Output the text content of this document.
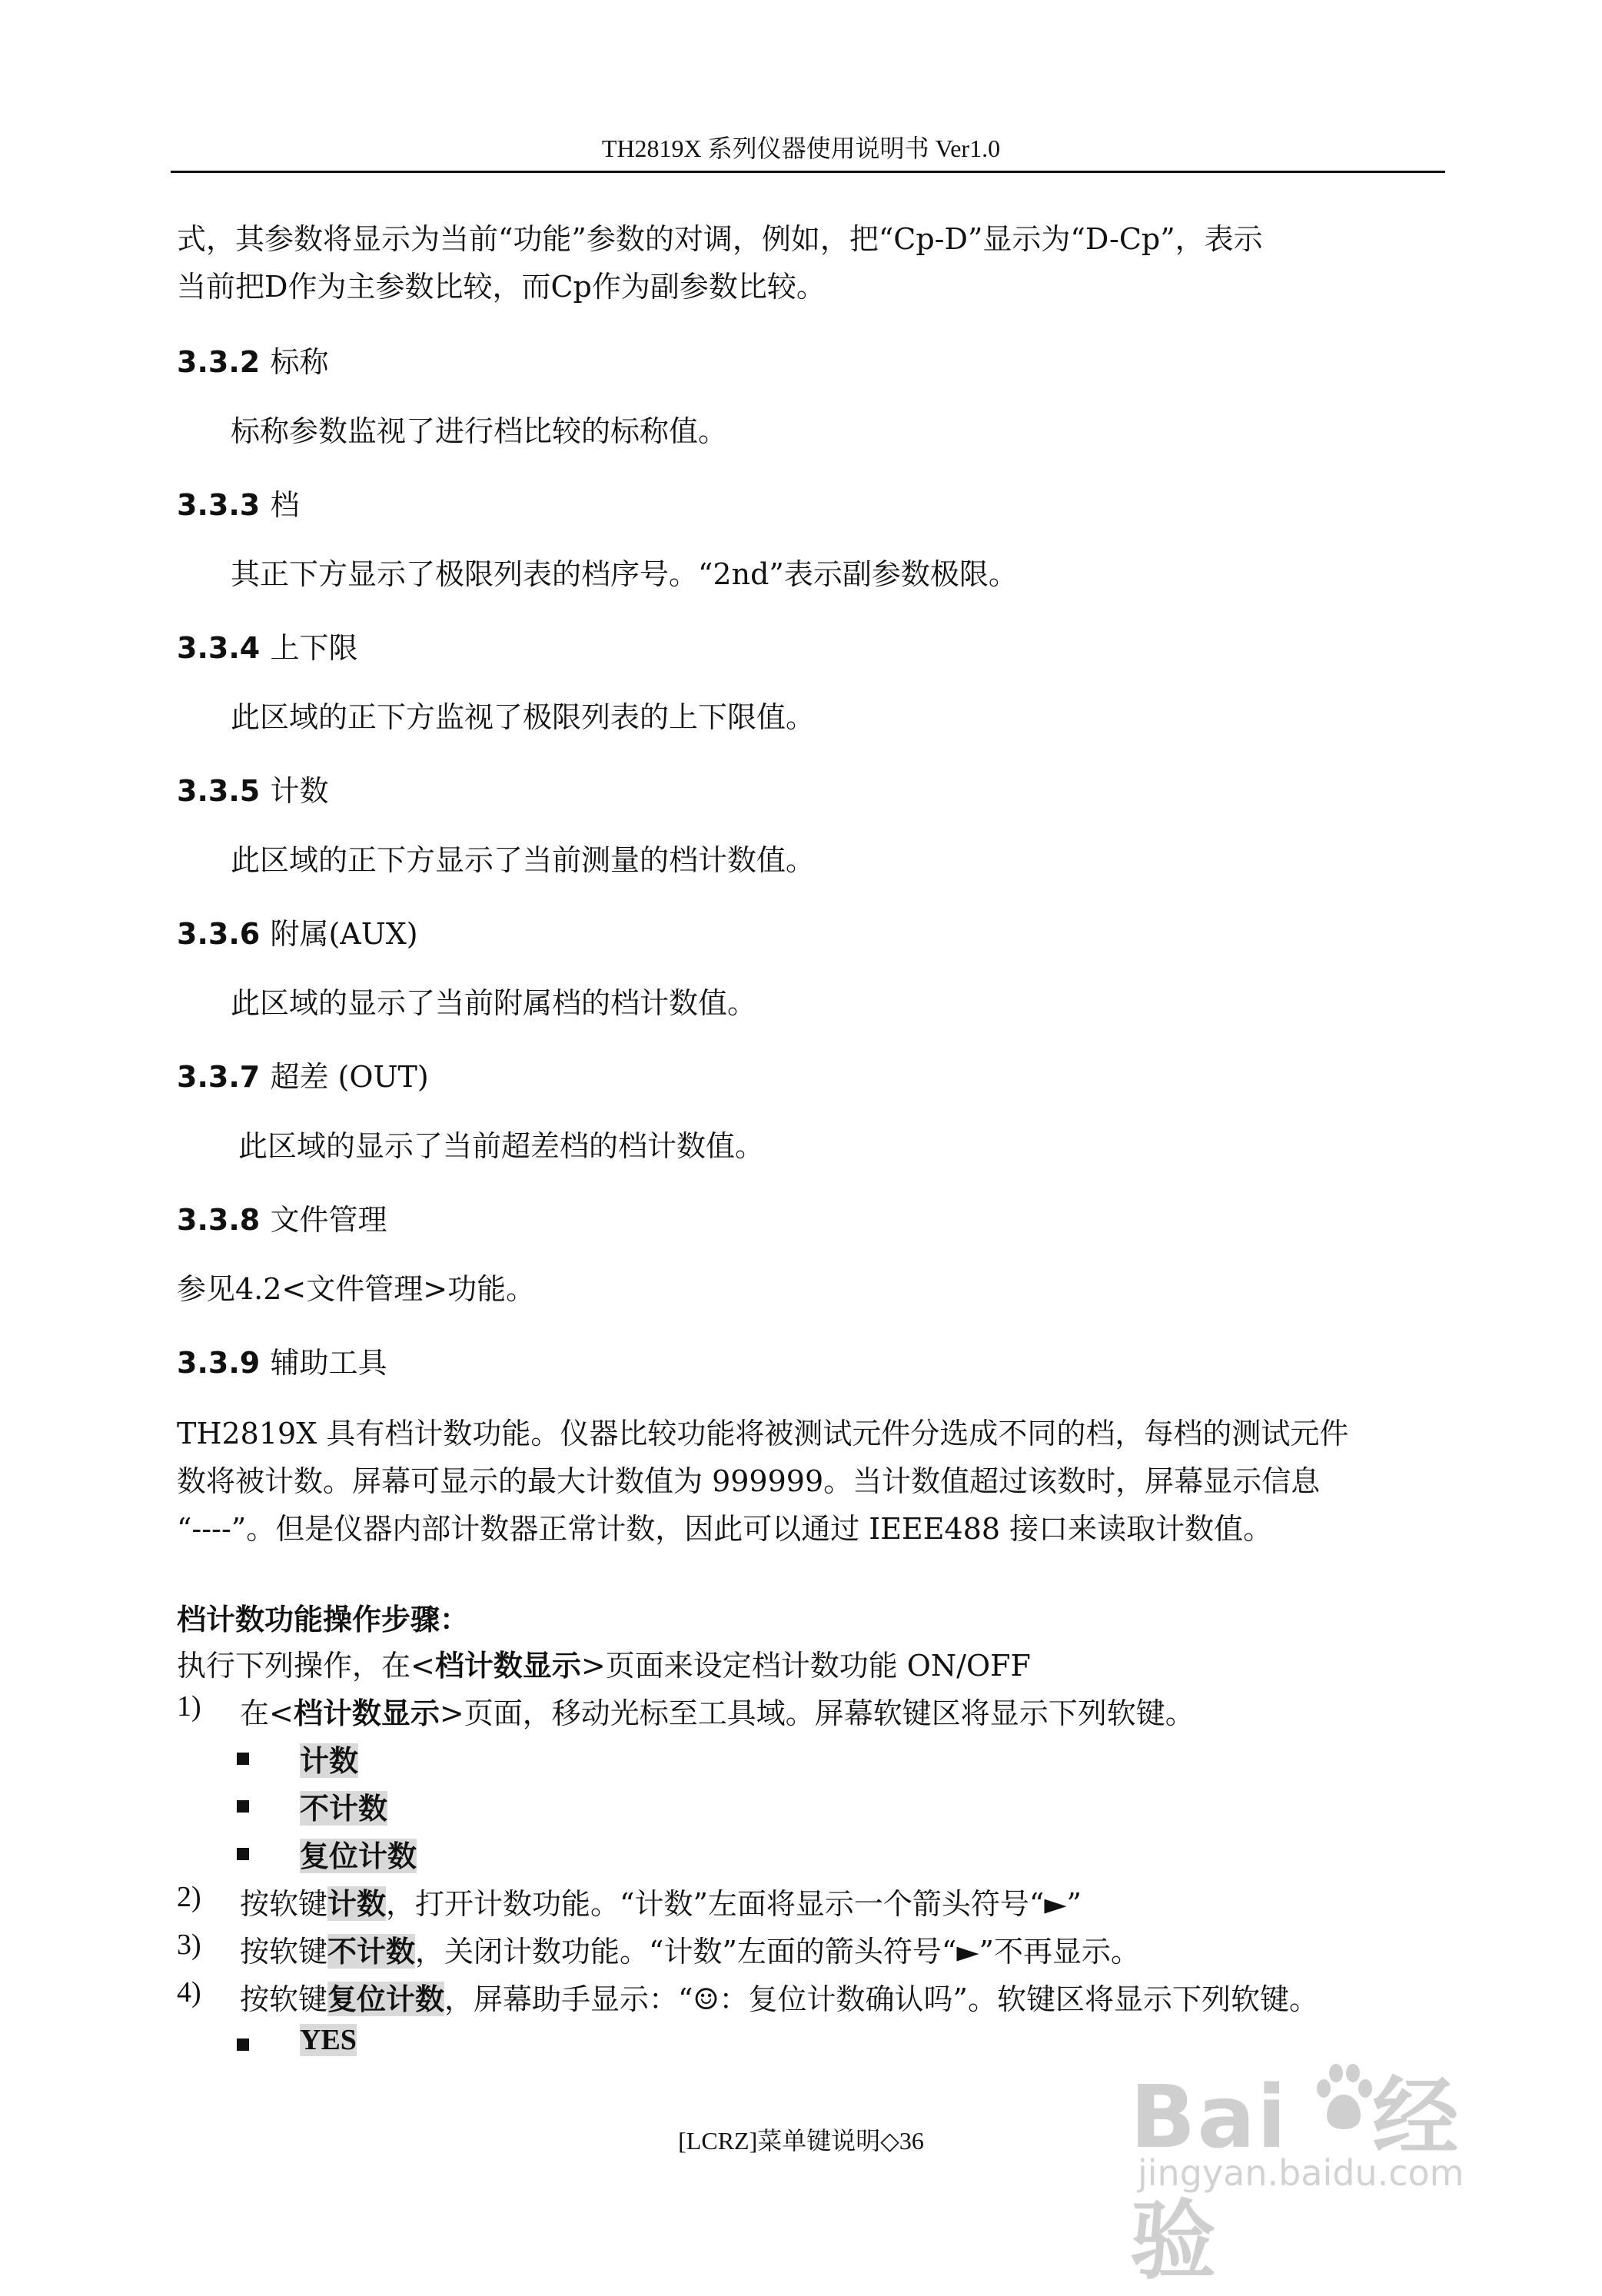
TH2819X 系列仪器使用说明书 Ver1.0
式，其参数将显示为当前“功能”参数的对调，例如，把“Cp-D”显示为“D-Cp”，表示
当前把D作为主参数比较，而Cp作为副参数比较。
3.3.2 标称
标称参数监视了进行档比较的标称值。
3.3.3 档
其正下方显示了极限列表的档序号。“2nd”表示副参数极限。
3.3.4 上下限
此区域的正下方监视了极限列表的上下限值。
3.3.5 计数
此区域的正下方显示了当前测量的档计数值。
3.3.6 附属(AUX)
此区域的显示了当前附属档的档计数值。
3.3.7 超差 (OUT)
此区域的显示了当前超差档的档计数值。
3.3.8 文件管理
参见4.2<文件管理>功能。
3.3.9 辅助工具
TH2819X 具有档计数功能。仪器比较功能将被测试元件分选成不同的档，每档的测试元件
数将被计数。屏幕可显示的最大计数值为 999999。当计数值超过该数时，屏幕显示信息
“----”。但是仪器内部计数器正常计数，因此可以通过 IEEE488 接口来读取计数值。
档计数功能操作步骤：
执行下列操作，在<档计数显示>页面来设定档计数功能 ON/OFF
1) 在<档计数显示>页面，移动光标至工具域。屏幕软键区将显示下列软键。
计数
不计数
复位计数
2) 按软键计数，打开计数功能。“计数”左面将显示一个箭头符号“►”
3) 按软键不计数，关闭计数功能。“计数”左面的箭头符号“►”不再显示。
4) 按软键复位计数，屏幕助手显示：“☺：复位计数确认吗”。软键区将显示下列软键。
YES
[LCRZ]菜单键说明◇36	Bai 经验
jingyan.baidu.com
